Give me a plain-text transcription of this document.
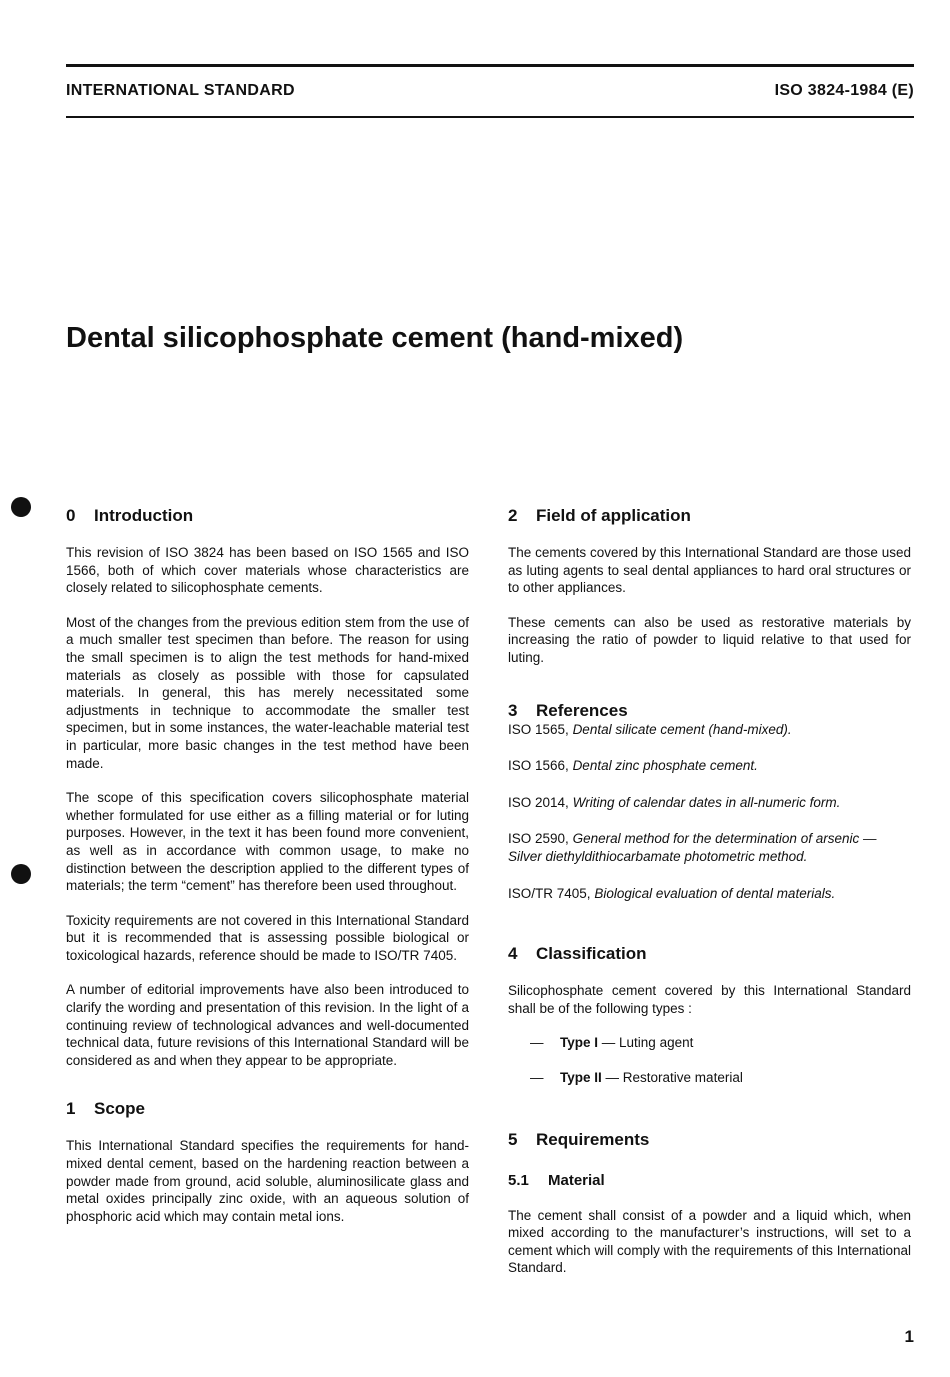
INTERNATIONAL STANDARD	ISO 3824-1984 (E)
Dental silicophosphate cement (hand-mixed)
0 Introduction

This revision of ISO 3824 has been based on ISO 1565 and ISO 1566, both of which cover materials whose characteristics are closely related to silicophosphate cements.

Most of the changes from the previous edition stem from the use of a much smaller test specimen than before. The reason for using the small specimen is to align the test methods for hand-mixed materials as closely as possible with those for capsulated materials. In general, this has merely necessitated some adjustments in technique to accommodate the smaller test specimen, but in some instances, the water-leachable material test in particular, more basic changes in the test method have been made.

The scope of this specification covers silicophosphate material whether formulated for use either as a filling material or for luting purposes. However, in the text it has been found more convenient, as well as in accordance with common usage, to make no distinction between the description applied to the different types of materials; the term “cement” has therefore been used throughout.

Toxicity requirements are not covered in this International Standard but it is recommended that is assessing possible biological or toxicological hazards, reference should be made to ISO/TR 7405.

A number of editorial improvements have also been introduced to clarify the wording and presentation of this revision. In the light of a continuing review of technological advances and well-documented technical data, future revisions of this International Standard will be considered as and when they appear to be appropriate.

1 Scope

This International Standard specifies the requirements for hand-mixed dental cement, based on the hardening reaction between a powder made from ground, acid soluble, aluminosilicate glass and metal oxides principally zinc oxide, with an aqueous solution of phosphoric acid which may contain metal ions.

2 Field of application

The cements covered by this International Standard are those used as luting agents to seal dental appliances to hard oral structures or to other appliances.

These cements can also be used as restorative materials by increasing the ratio of powder to liquid relative to that used for luting.

3 References
ISO 1565, Dental silicate cement (hand-mixed).
ISO 1566, Dental zinc phosphate cement.
ISO 2014, Writing of calendar dates in all-numeric form.
ISO 2590, General method for the determination of arsenic — Silver diethyldithiocarbamate photometric method.
ISO/TR 7405, Biological evaluation of dental materials.
4 Classification

Silicophosphate cement covered by this International Standard shall be of the following types :

— Type I — Luting agent
— Type II — Restorative material
5 Requirements
5.1 Material

The cement shall consist of a powder and a liquid which, when mixed according to the manufacturer’s instructions, will set to a cement which will comply with the requirements of this International Standard.

1
